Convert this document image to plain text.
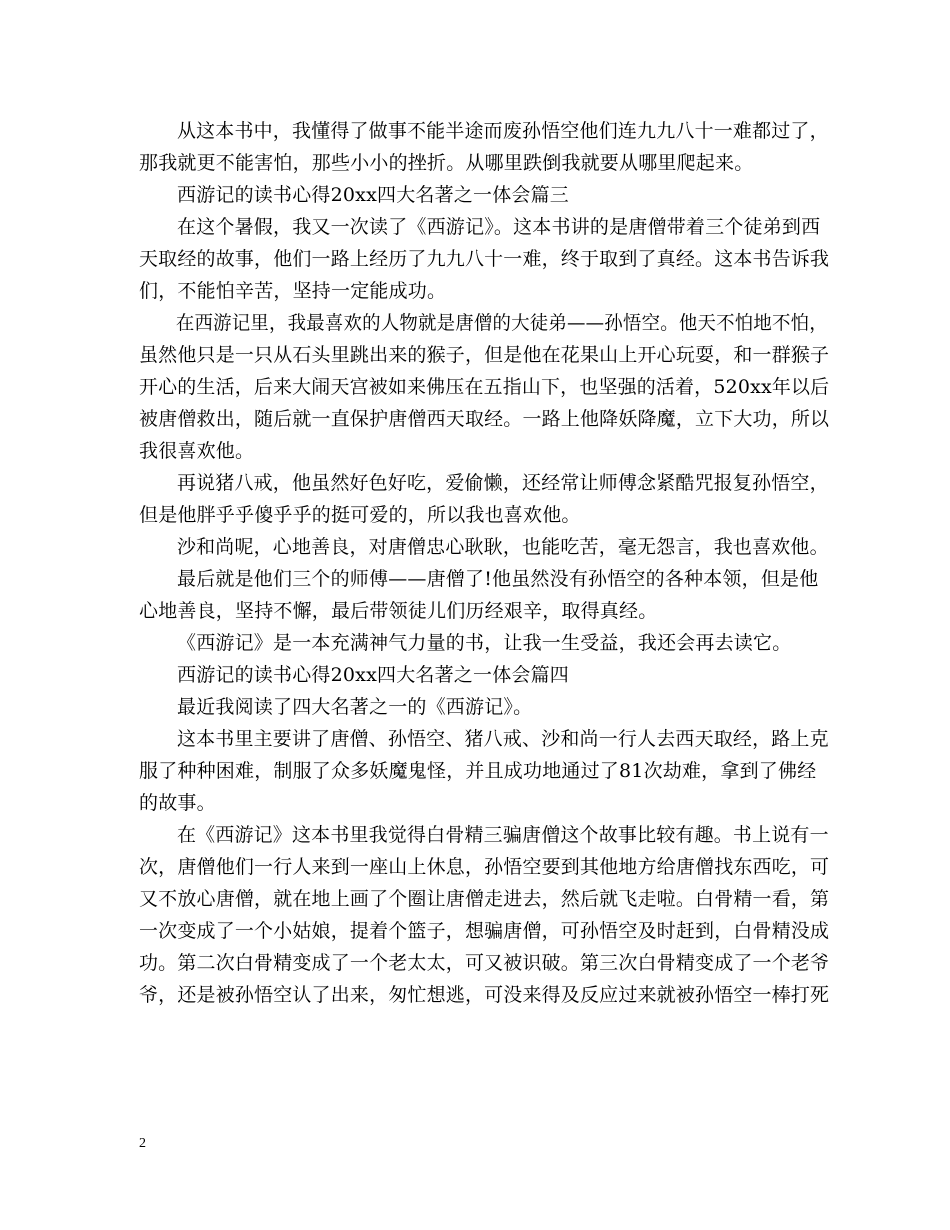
从这本书中，我懂得了做事不能半途而废孙悟空他们连九九八十一难都过了，
那我就更不能害怕，那些小小的挫折。从哪里跌倒我就要从哪里爬起来。
西游记的读书心得20xx四大名著之一体会篇三
在这个暑假，我又一次读了《西游记》。这本书讲的是唐僧带着三个徒弟到西
天取经的故事，他们一路上经历了九九八十一难，终于取到了真经。这本书告诉我
们，不能怕辛苦，坚持一定能成功。
在西游记里，我最喜欢的人物就是唐僧的大徒弟——孙悟空。他天不怕地不怕，
虽然他只是一只从石头里跳出来的猴子，但是他在花果山上开心玩耍，和一群猴子
开心的生活，后来大闹天宫被如来佛压在五指山下，也坚强的活着，520xx年以后
被唐僧救出，随后就一直保护唐僧西天取经。一路上他降妖降魔，立下大功，所以
我很喜欢他。
再说猪八戒，他虽然好色好吃，爱偷懒，还经常让师傅念紧酷咒报复孙悟空，
但是他胖乎乎傻乎乎的挺可爱的，所以我也喜欢他。
沙和尚呢，心地善良，对唐僧忠心耿耿，也能吃苦，毫无怨言，我也喜欢他。
最后就是他们三个的师傅——唐僧了!他虽然没有孙悟空的各种本领，但是他
心地善良，坚持不懈，最后带领徒儿们历经艰辛，取得真经。
《西游记》是一本充满神气力量的书，让我一生受益，我还会再去读它。
西游记的读书心得20xx四大名著之一体会篇四
最近我阅读了四大名著之一的《西游记》。
这本书里主要讲了唐僧、孙悟空、猪八戒、沙和尚一行人去西天取经，路上克
服了种种困难，制服了众多妖魔鬼怪，并且成功地通过了81次劫难，拿到了佛经
的故事。
在《西游记》这本书里我觉得白骨精三骗唐僧这个故事比较有趣。书上说有一
次，唐僧他们一行人来到一座山上休息，孙悟空要到其他地方给唐僧找东西吃，可
又不放心唐僧，就在地上画了个圈让唐僧走进去，然后就飞走啦。白骨精一看，第
一次变成了一个小姑娘，提着个篮子，想骗唐僧，可孙悟空及时赶到，白骨精没成
功。第二次白骨精变成了一个老太太，可又被识破。第三次白骨精变成了一个老爷
爷，还是被孙悟空认了出来，匆忙想逃，可没来得及反应过来就被孙悟空一棒打死
2
